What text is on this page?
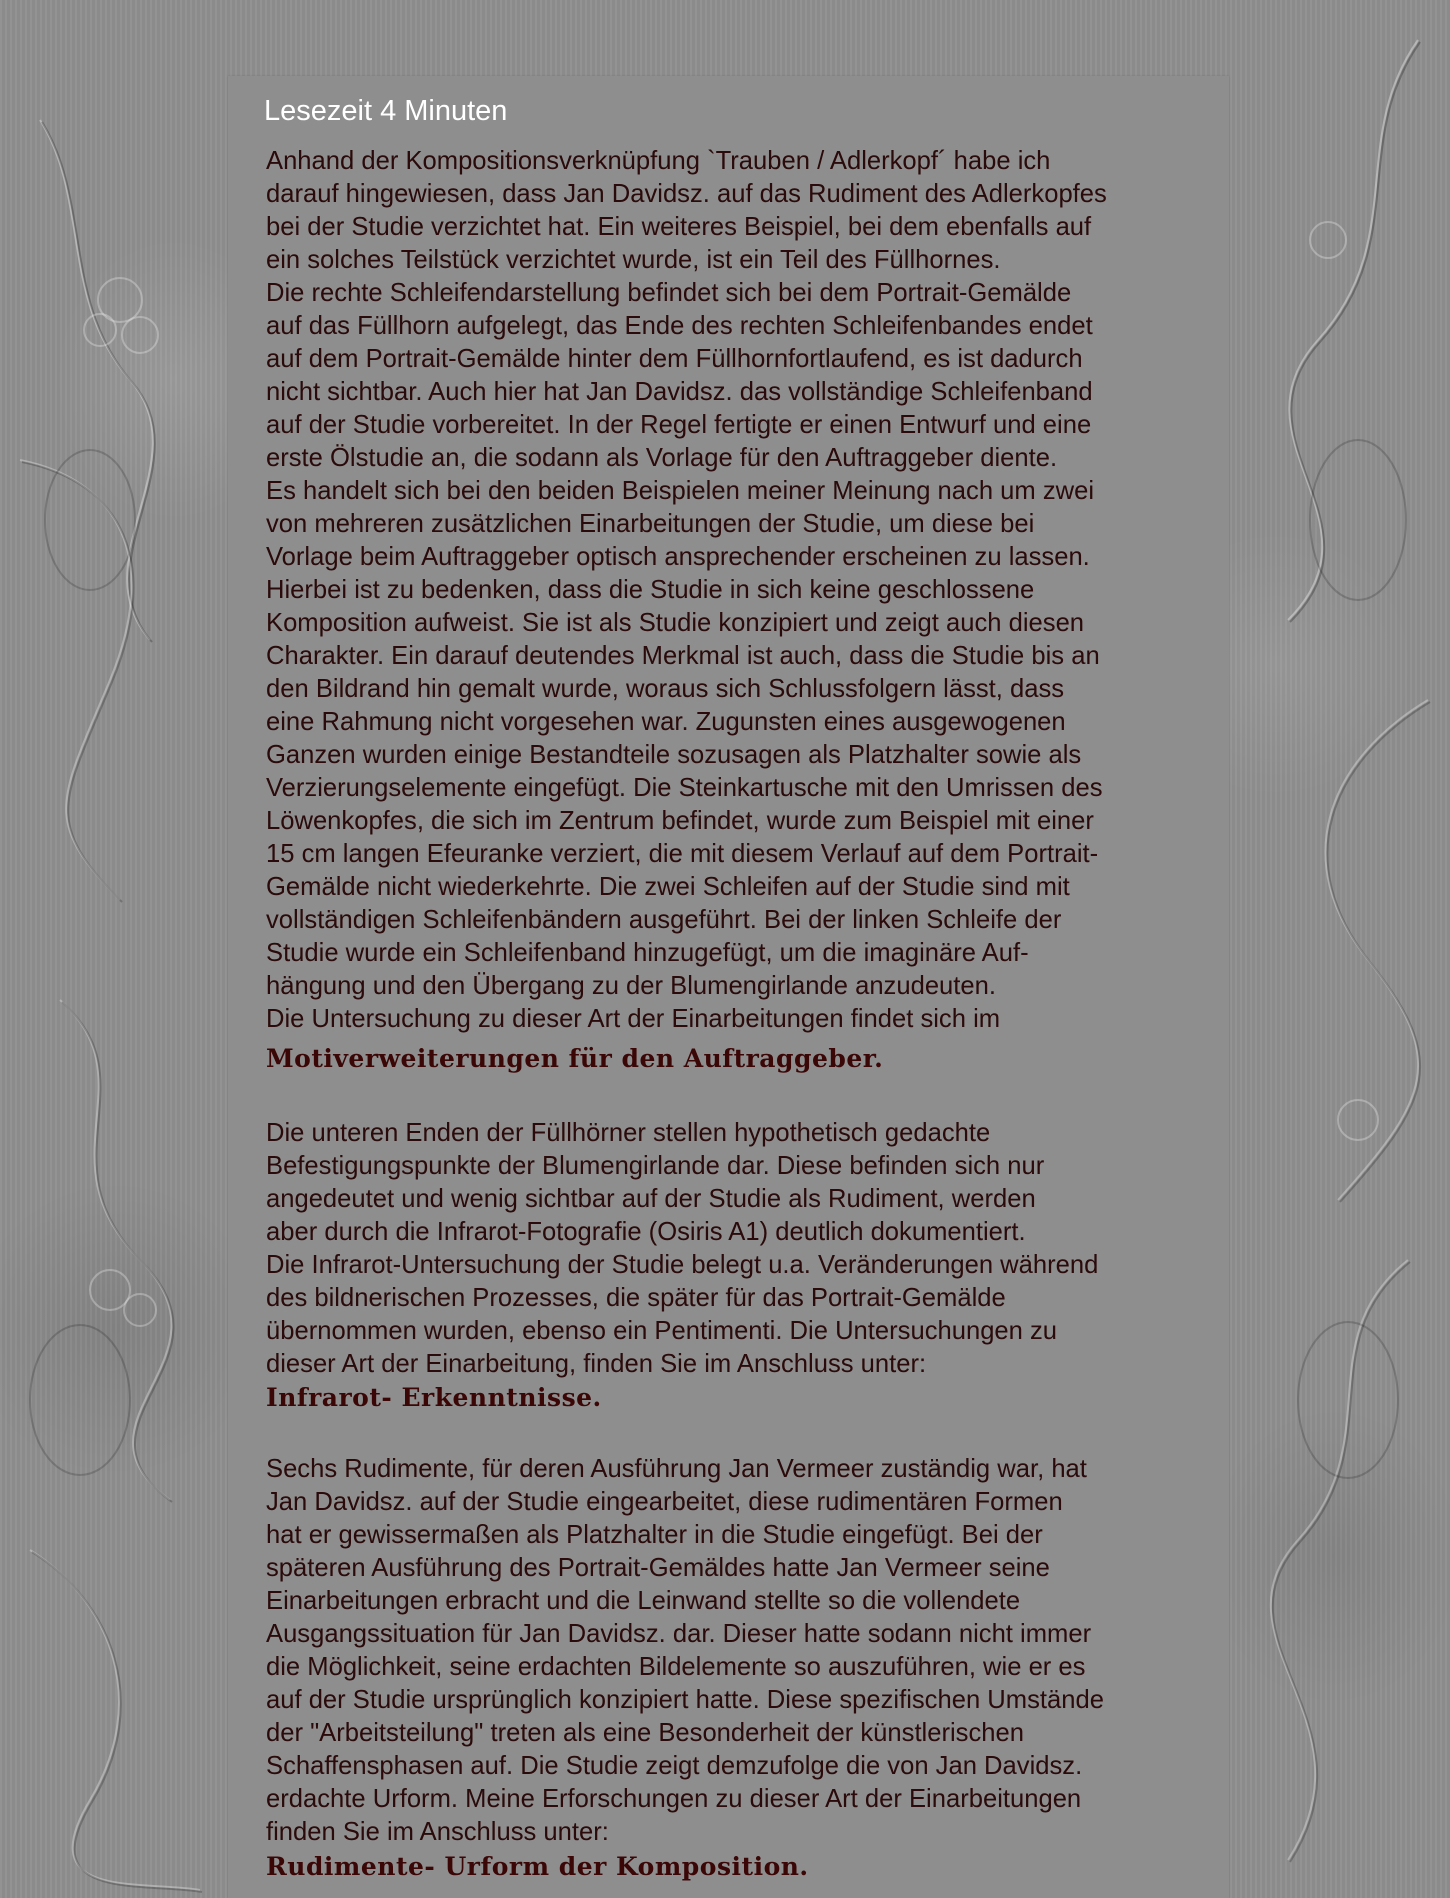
Lesezeit 4 Minuten

Anhand der Kompositionsverknüpfung `Trauben / Adlerkopf´ habe ich
darauf hingewiesen, dass Jan Davidsz. auf das Rudiment des Adlerkopfes
bei der Studie verzichtet hat. Ein weiteres Beispiel, bei dem ebenfalls auf
ein solches Teilstück verzichtet wurde, ist ein Teil des Füllhornes.
Die rechte Schleifendarstellung befindet sich bei dem Portrait-Gemälde
auf das Füllhorn aufgelegt, das Ende des rechten Schleifenbandes endet
auf dem Portrait-Gemälde hinter dem Füllhornfortlaufend, es ist dadurch
nicht sichtbar. Auch hier hat Jan Davidsz. das vollständige Schleifenband
auf der Studie vorbereitet. In der Regel fertigte er einen Entwurf und eine
erste Ölstudie an, die sodann als Vorlage für den Auftraggeber diente.
Es handelt sich bei den beiden Beispielen meiner Meinung nach um zwei
von mehreren zusätzlichen Einarbeitungen der Studie, um diese bei
Vorlage beim Auftraggeber optisch ansprechender erscheinen zu lassen.
Hierbei ist zu bedenken, dass die Studie in sich keine geschlossene
Komposition aufweist. Sie ist als Studie konzipiert und zeigt auch diesen
Charakter. Ein darauf deutendes Merkmal ist auch, dass die Studie bis an
den Bildrand hin gemalt wurde, woraus sich Schlussfolgern lässt, dass
eine Rahmung nicht vorgesehen war. Zugunsten eines ausgewogenen
Ganzen wurden einige Bestandteile sozusagen als Platzhalter sowie als
Verzierungselemente eingefügt. Die Steinkartusche mit den Umrissen des
Löwenkopfes, die sich im Zentrum befindet, wurde zum Beispiel mit einer
15 cm langen Efeuranke verziert, die mit diesem Verlauf auf dem Portrait-
Gemälde nicht wiederkehrte. Die zwei Schleifen auf der Studie sind mit
vollständigen Schleifenbändern ausgeführt. Bei der linken Schleife der
Studie wurde ein Schleifenband hinzugefügt, um die imaginäre Auf-
hängung und den Übergang zu der Blumengirlande anzudeuten.
Die Untersuchung zu dieser Art der Einarbeitungen findet sich im

Motiverweiterungen für den Auftraggeber.

Die unteren Enden der Füllhörner stellen hypothetisch gedachte
Befestigungspunkte der Blumengirlande dar. Diese befinden sich nur
angedeutet und wenig sichtbar auf der Studie als Rudiment, werden
aber durch die Infrarot-Fotografie (Osiris A1) deutlich dokumentiert.
Die Infrarot-Untersuchung der Studie belegt u.a. Veränderungen während
des bildnerischen Prozesses, die später für das Portrait-Gemälde
übernommen wurden, ebenso ein Pentimenti. Die Untersuchungen zu
dieser Art der Einarbeitung, finden Sie im Anschluss unter:

Infrarot- Erkenntnisse.

Sechs Rudimente, für deren Ausführung Jan Vermeer zuständig war, hat
Jan Davidsz. auf der Studie eingearbeitet, diese rudimentären Formen
hat er gewissermaßen als Platzhalter in die Studie eingefügt. Bei der
späteren Ausführung des Portrait-Gemäldes hatte Jan Vermeer seine
Einarbeitungen erbracht und die Leinwand stellte so die vollendete
Ausgangssituation für Jan Davidsz. dar. Dieser hatte sodann nicht immer
die Möglichkeit, seine erdachten Bildelemente so auszuführen, wie er es
auf der Studie ursprünglich konzipiert hatte. Diese spezifischen Umstände
der "Arbeitsteilung" treten als eine Besonderheit der künstlerischen
Schaffensphasen auf. Die Studie zeigt demzufolge die von Jan Davidsz.
erdachte Urform. Meine Erforschungen zu dieser Art der Einarbeitungen
finden Sie im Anschluss unter:

Rudimente- Urform der Komposition.
